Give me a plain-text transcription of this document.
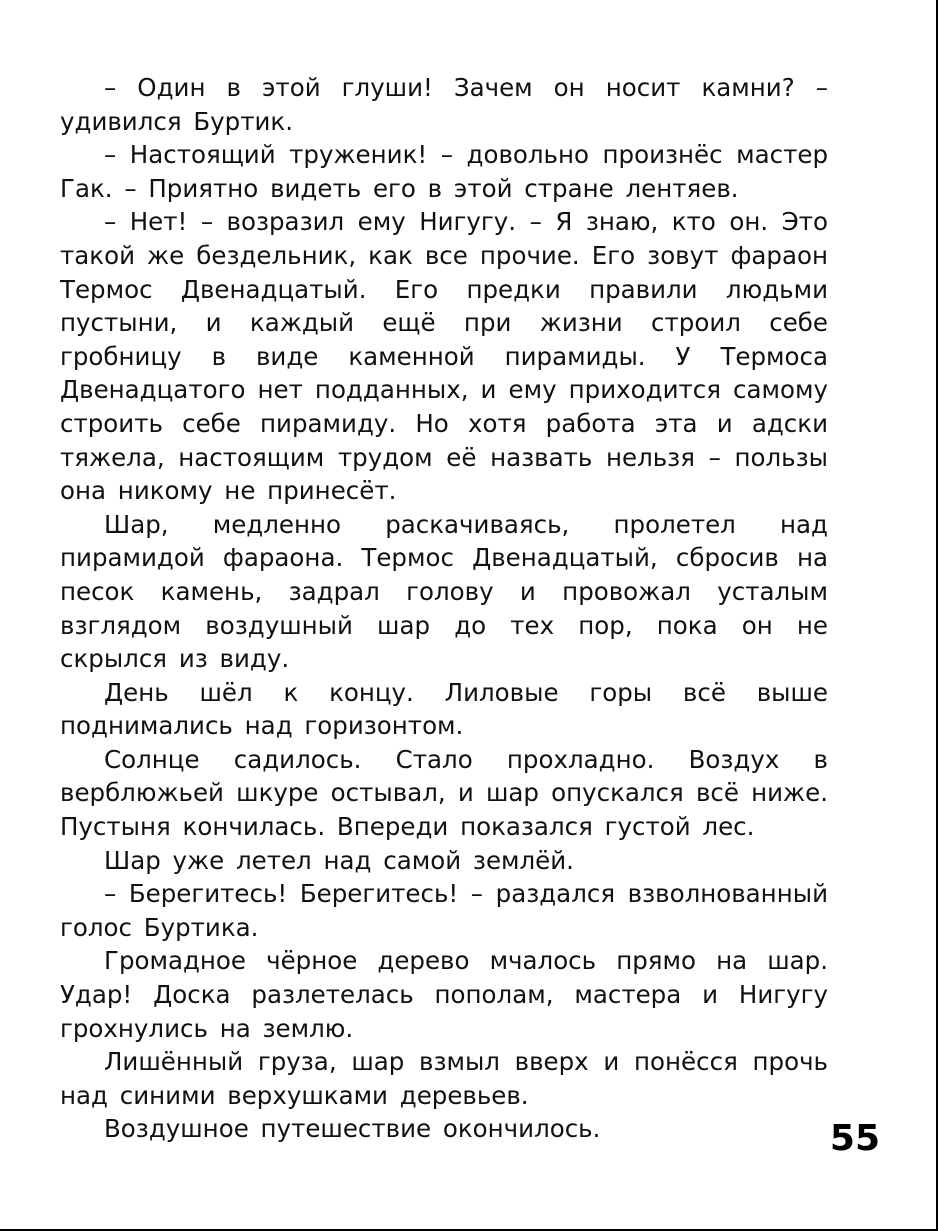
– Один в этой глуши! Зачем он носит камни? – удивился Буртик.

– Настоящий труженик! – довольно произнёс мастер Гак. – Приятно видеть его в этой стране лентяев.

– Нет! – возразил ему Нигугу. – Я знаю, кто он. Это такой же бездельник, как все прочие. Его зовут фараон Термос Двенадцатый. Его предки правили людьми пустыни, и каждый ещё при жизни строил себе гробницу в виде каменной пирамиды. У Термоса Двенадцатого нет подданных, и ему приходится самому строить себе пирамиду. Но хотя работа эта и адски тяжела, настоящим трудом её назвать нельзя – пользы она никому не принесёт.

Шар, медленно раскачиваясь, пролетел над пирамидой фараона. Термос Двенадцатый, сбросив на песок камень, задрал голову и провожал усталым взглядом воздушный шар до тех пор, пока он не скрылся из виду.

День шёл к концу. Лиловые горы всё выше поднимались над горизонтом.

Солнце садилось. Стало прохладно. Воздух в верблюжьей шкуре остывал, и шар опускался всё ниже. Пустыня кончилась. Впереди показался густой лес.

Шар уже летел над самой землёй.

– Берегитесь! Берегитесь! – раздался взволнованный голос Буртика.

Громадное чёрное дерево мчалось прямо на шар. Удар! Доска разлетелась пополам, мастера и Нигугу грохнулись на землю.

Лишённый груза, шар взмыл вверх и понёсся прочь над синими верхушками деревьев.

Воздушное путешествие окончилось.	55
